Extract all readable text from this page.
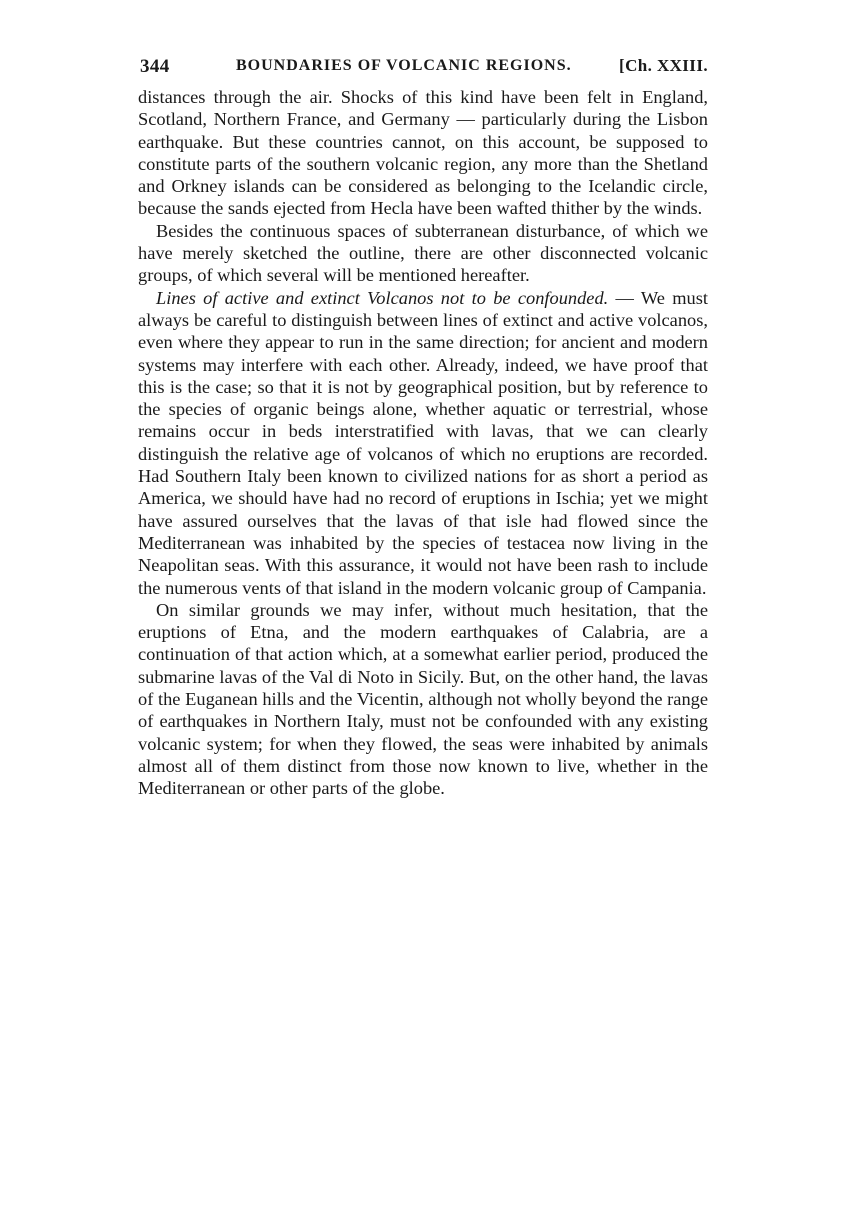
344	BOUNDARIES OF VOLCANIC REGIONS.	[Ch. XXIII.

distances through the air. Shocks of this kind have been felt in England, Scotland, Northern France, and Germany — particularly during the Lisbon earthquake. But these countries cannot, on this account, be supposed to constitute parts of the southern volcanic region, any more than the Shetland and Orkney islands can be considered as belonging to the Icelandic circle, because the sands ejected from Hecla have been wafted thither by the winds.

Besides the continuous spaces of subterranean disturbance, of which we have merely sketched the outline, there are other disconnected volcanic groups, of which several will be mentioned hereafter.

Lines of active and extinct Volcanos not to be confounded. — We must always be careful to distinguish between lines of extinct and active volcanos, even where they appear to run in the same direction; for ancient and modern systems may interfere with each other. Already, indeed, we have proof that this is the case; so that it is not by geographical position, but by reference to the species of organic beings alone, whether aquatic or terrestrial, whose remains occur in beds interstratified with lavas, that we can clearly distinguish the relative age of volcanos of which no eruptions are recorded. Had Southern Italy been known to civilized nations for as short a period as America, we should have had no record of eruptions in Ischia; yet we might have assured ourselves that the lavas of that isle had flowed since the Mediterranean was inhabited by the species of testacea now living in the Neapolitan seas. With this assurance, it would not have been rash to include the numerous vents of that island in the modern volcanic group of Campania.

On similar grounds we may infer, without much hesitation, that the eruptions of Etna, and the modern earthquakes of Calabria, are a continuation of that action which, at a somewhat earlier period, produced the submarine lavas of the Val di Noto in Sicily. But, on the other hand, the lavas of the Euganean hills and the Vicentin, although not wholly beyond the range of earthquakes in Northern Italy, must not be confounded with any existing volcanic system; for when they flowed, the seas were inhabited by animals almost all of them distinct from those now known to live, whether in the Mediterranean or other parts of the globe.
